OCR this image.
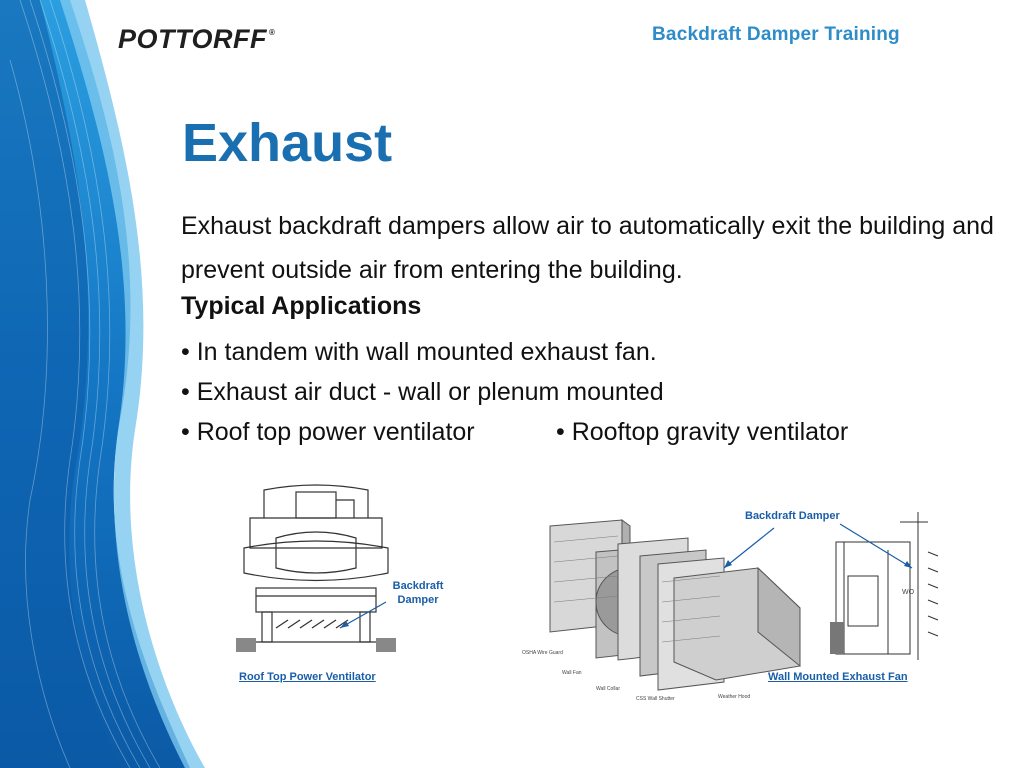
POTTORFF ®	Backdraft Damper Training
Exhaust
Exhaust backdraft dampers allow air to automatically exit the building and prevent outside air from entering the building.
Typical Applications
• In tandem with wall mounted exhaust fan.
• Exhaust air duct - wall or plenum mounted
• Roof top power ventilator	• Rooftop gravity ventilator
Backdraft Damper
Roof Top Power Ventilator
OSHA Wire Guard
Wall Fan
Wall Collar
CSS Wall Shutter	Weather Hood
WO
Backdraft Damper
Wall Mounted Exhaust Fan
